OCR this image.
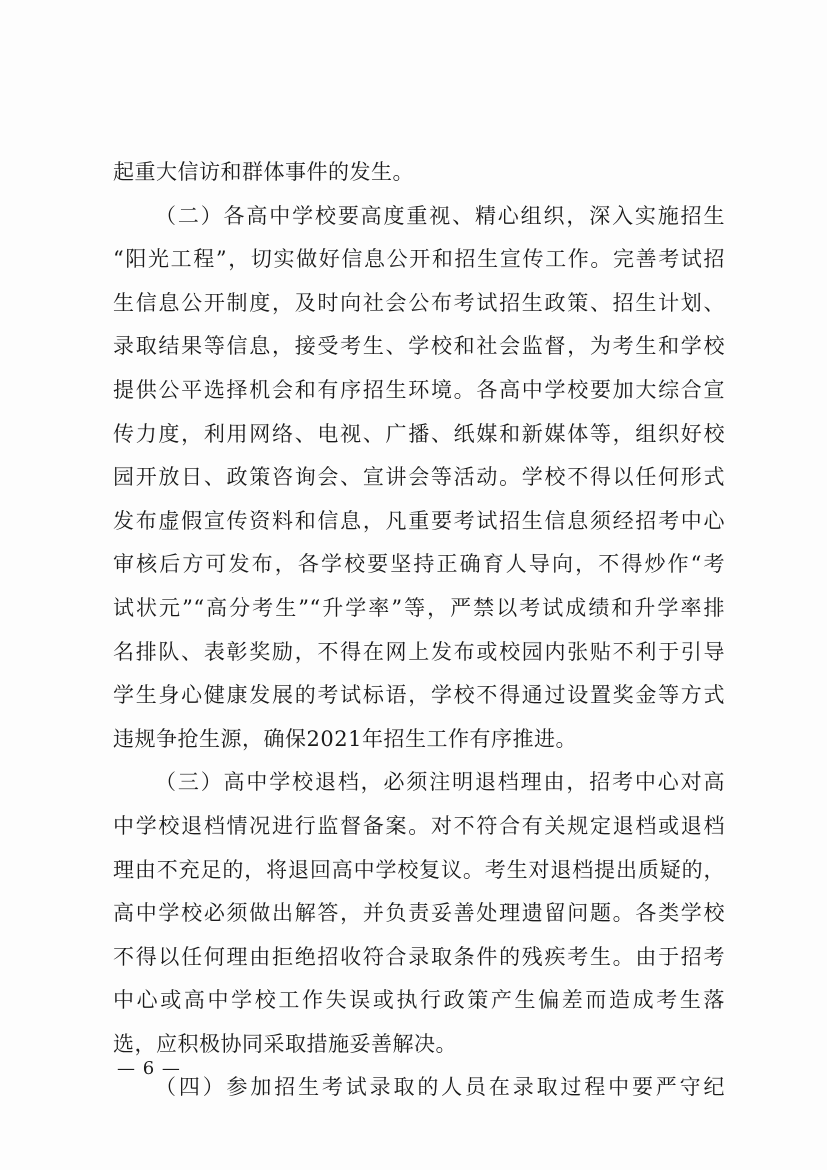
起重大信访和群体事件的发生。
（二）各高中学校要高度重视、精心组织，深入实施招生
“阳光工程”，切实做好信息公开和招生宣传工作。完善考试招
生信息公开制度，及时向社会公布考试招生政策、招生计划、
录取结果等信息，接受考生、学校和社会监督，为考生和学校
提供公平选择机会和有序招生环境。各高中学校要加大综合宣
传力度，利用网络、电视、广播、纸媒和新媒体等，组织好校
园开放日、政策咨询会、宣讲会等活动。学校不得以任何形式
发布虚假宣传资料和信息，凡重要考试招生信息须经招考中心
审核后方可发布，各学校要坚持正确育人导向，不得炒作“考
试状元”“高分考生”“升学率”等，严禁以考试成绩和升学率排
名排队、表彰奖励，不得在网上发布或校园内张贴不利于引导
学生身心健康发展的考试标语，学校不得通过设置奖金等方式
违规争抢生源，确保2021年招生工作有序推进。
（三）高中学校退档，必须注明退档理由，招考中心对高
中学校退档情况进行监督备案。对不符合有关规定退档或退档
理由不充足的，将退回高中学校复议。考生对退档提出质疑的，
高中学校必须做出解答，并负责妥善处理遗留问题。各类学校
不得以任何理由拒绝招收符合录取条件的残疾考生。由于招考
中心或高中学校工作失误或执行政策产生偏差而造成考生落
选，应积极协同采取措施妥善解决。
（四）参加招生考试录取的人员在录取过程中要严守纪
— 6 —
